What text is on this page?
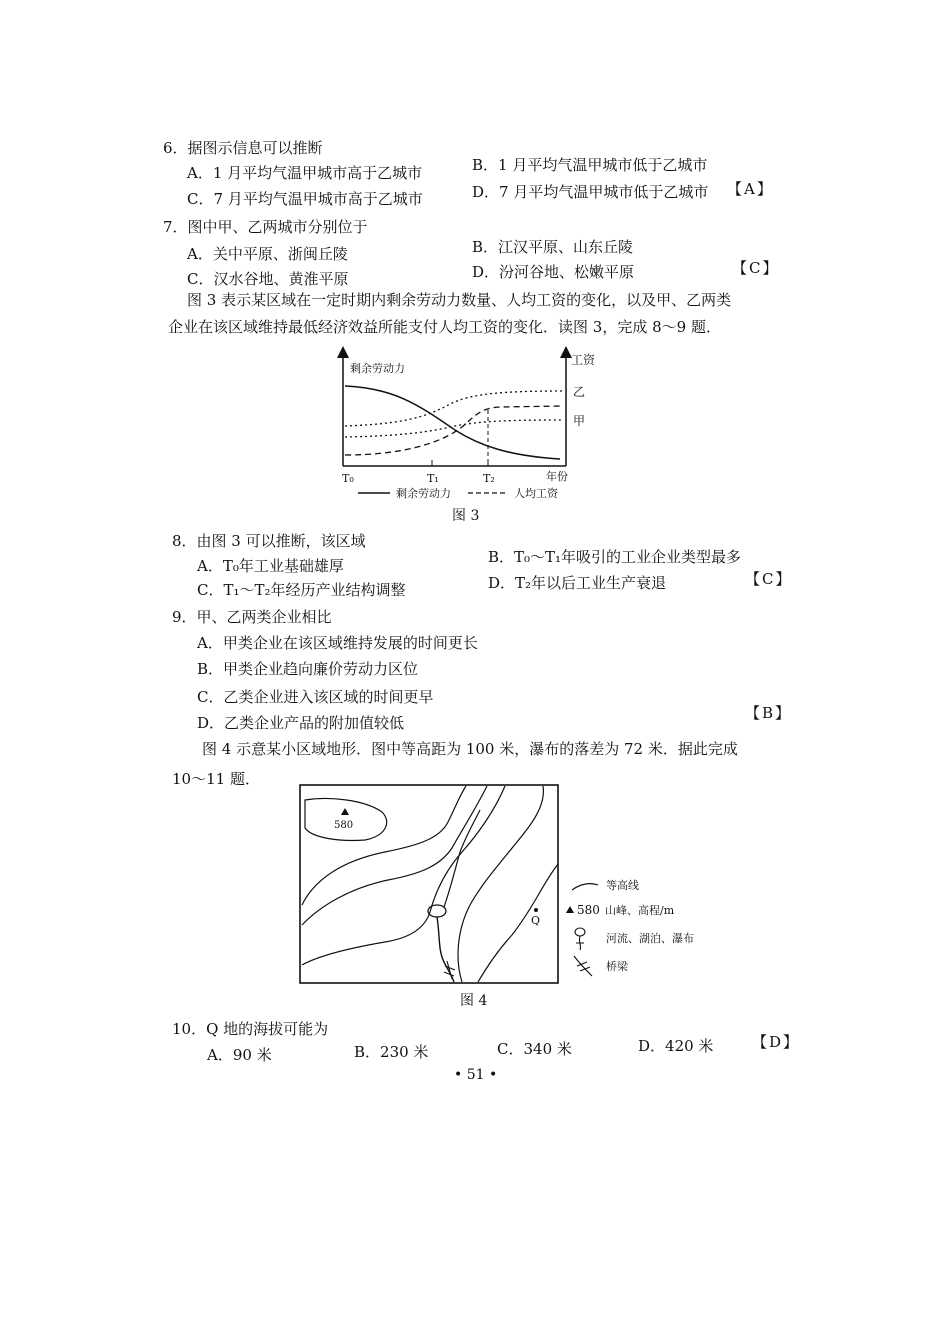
6．据图示信息可以推断
A．1 月平均气温甲城市高于乙城市	B．1 月平均气温甲城市低于乙城市
C．7 月平均气温甲城市高于乙城市	D．7 月平均气温甲城市低于乙城市 【A】
7．图中甲、乙两城市分别位于
A．关中平原、浙闽丘陵	B．江汉平原、山东丘陵
C．汉水谷地、黄淮平原	D．汾河谷地、松嫩平原	【C】
图 3 表示某区域在一定时期内剩余劳动力数量、人均工资的变化，以及甲、乙两类
企业在该区域维持最低经济效益所能支付人均工资的变化．读图 3，完成 8～9 题．
剩余劳动力
工资
乙
甲
T₀	T₁	T₂	年份
剩余劳动力	人均工资
图 3
8．由图 3 可以推断，该区域
A．T₀年工业基础雄厚	B．T₀～T₁年吸引的工业企业类型最多
C．T₁～T₂年经历产业结构调整	D．T₂年以后工业生产衰退	【C】
9．甲、乙两类企业相比
A．甲类企业在该区域维持发展的时间更长
B．甲类企业趋向廉价劳动力区位
C．乙类企业进入该区域的时间更早
D．乙类企业产品的附加值较低
【B】
图 4 示意某小区域地形．图中等高距为 100 米，瀑布的落差为 72 米．据此完成
10～11 题．
580
Q
等高线
580 山峰、高程/m
河流、湖泊、瀑布
桥梁
图 4
10．Q 地的海拔可能为
A．90 米	B．230 米	C．340 米	D．420 米	【D】
• 51 •
